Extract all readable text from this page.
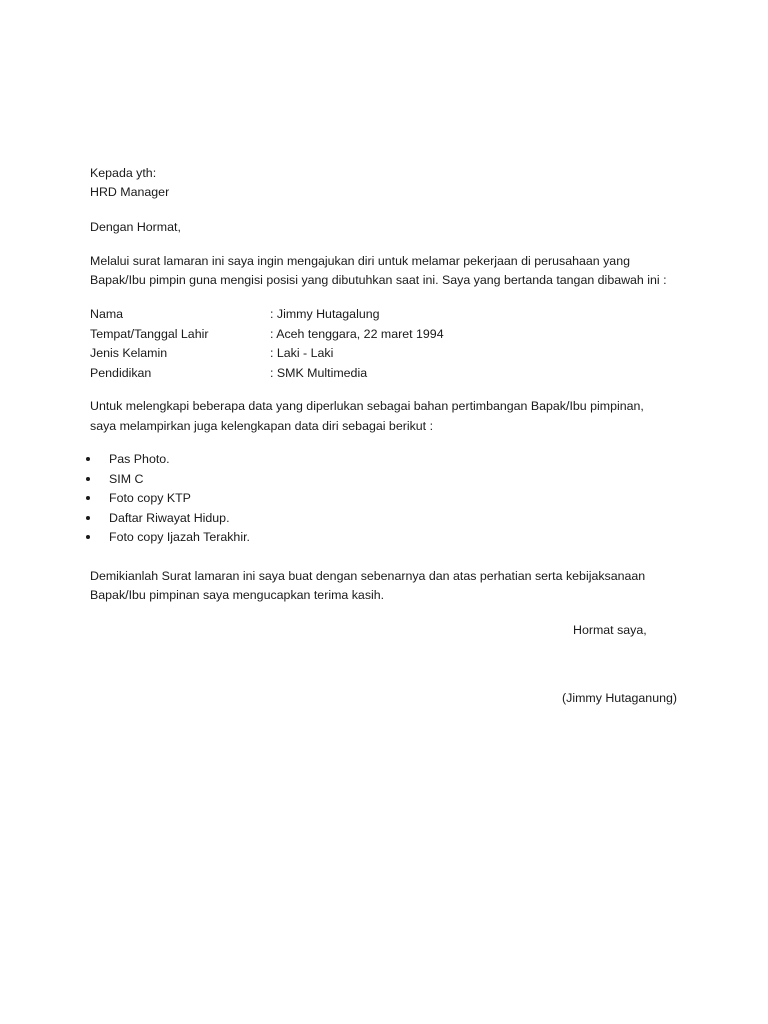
Kepada yth:
HRD Manager
Dengan Hormat,
Melalui surat lamaran ini saya ingin mengajukan diri untuk melamar pekerjaan di perusahaan yang
Bapak/Ibu pimpin guna mengisi posisi yang dibutuhkan saat ini. Saya yang bertanda tangan dibawah ini :
Nama	: Jimmy Hutagalung
Tempat/Tanggal Lahir	: Aceh tenggara, 22 maret 1994
Jenis Kelamin	: Laki - Laki
Pendidikan	: SMK Multimedia
Untuk melengkapi beberapa data yang diperlukan sebagai bahan pertimbangan Bapak/Ibu pimpinan,
saya melampirkan juga kelengkapan data diri sebagai berikut :
Pas Photo.
SIM C
Foto copy KTP
Daftar Riwayat Hidup.
Foto copy Ijazah Terakhir.
Demikianlah Surat lamaran ini saya buat dengan sebenarnya dan atas perhatian serta kebijaksanaan
Bapak/Ibu pimpinan saya mengucapkan terima kasih.
Hormat saya,
(Jimmy Hutaganung)
